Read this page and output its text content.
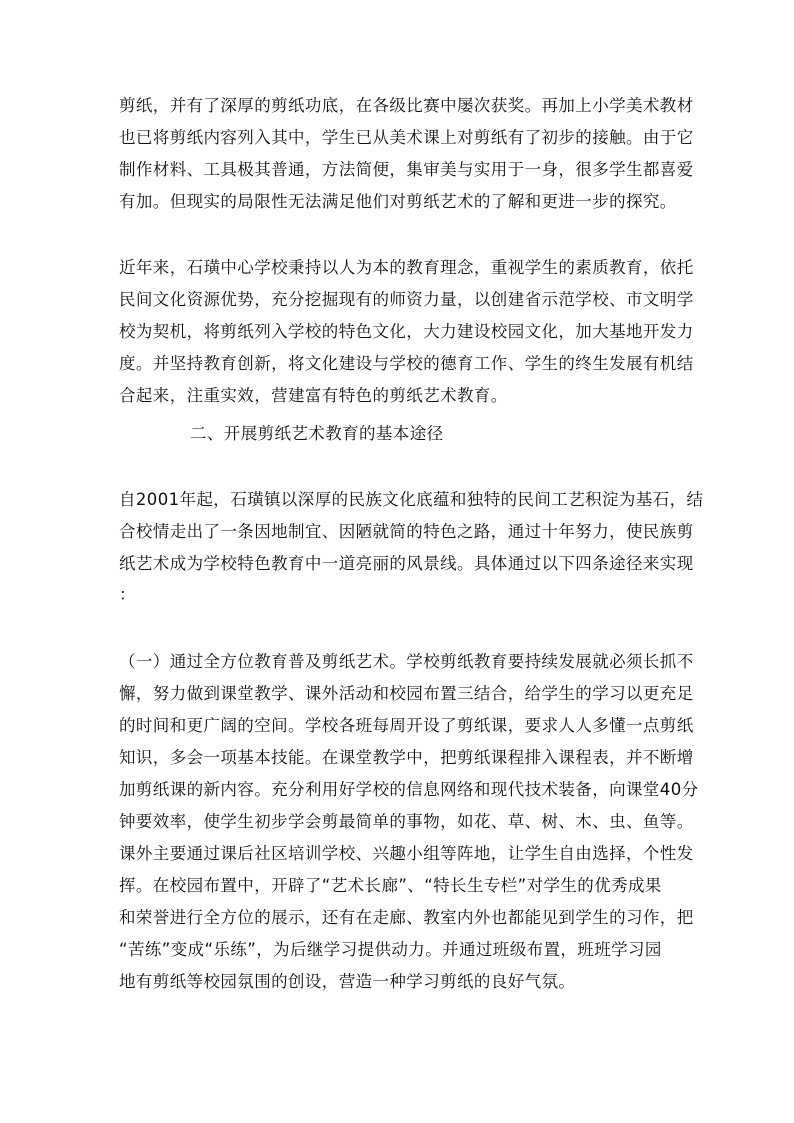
剪纸，并有了深厚的剪纸功底，在各级比赛中屡次获奖。再加上小学美术教材
也已将剪纸内容列入其中，学生已从美术课上对剪纸有了初步的接触。由于它
制作材料、工具极其普通，方法简便，集审美与实用于一身，很多学生都喜爱
有加。但现实的局限性无法满足他们对剪纸艺术的了解和更进一步的探究。
近年来，石璜中心学校秉持以人为本的教育理念，重视学生的素质教育，依托
民间文化资源优势，充分挖掘现有的师资力量，以创建省示范学校、市文明学
校为契机，将剪纸列入学校的特色文化，大力建设校园文化，加大基地开发力
度。并坚持教育创新，将文化建设与学校的德育工作、学生的终生发展有机结
合起来，注重实效，营建富有特色的剪纸艺术教育。
二、开展剪纸艺术教育的基本途径
自2001年起，石璜镇以深厚的民族文化底蕴和独特的民间工艺积淀为基石，结
合校情走出了一条因地制宜、因陋就简的特色之路，通过十年努力，使民族剪
纸艺术成为学校特色教育中一道亮丽的风景线。具体通过以下四条途径来实现
：
（一）通过全方位教育普及剪纸艺术。学校剪纸教育要持续发展就必须长抓不
懈，努力做到课堂教学、课外活动和校园布置三结合，给学生的学习以更充足
的时间和更广阔的空间。学校各班每周开设了剪纸课，要求人人多懂一点剪纸
知识，多会一项基本技能。在课堂教学中，把剪纸课程排入课程表，并不断增
加剪纸课的新内容。充分利用好学校的信息网络和现代技术装备，向课堂40分
钟要效率，使学生初步学会剪最简单的事物，如花、草、树、木、虫、鱼等。
课外主要通过课后社区培训学校、兴趣小组等阵地，让学生自由选择，个性发
挥。在校园布置中，开辟了“艺术长廊”、“特长生专栏”对学生的优秀成果
和荣誉进行全方位的展示，还有在走廊、教室内外也都能见到学生的习作，把
“苦练”变成“乐练”，为后继学习提供动力。并通过班级布置，班班学习园
地有剪纸等校园氛围的创设，营造一种学习剪纸的良好气氛。
